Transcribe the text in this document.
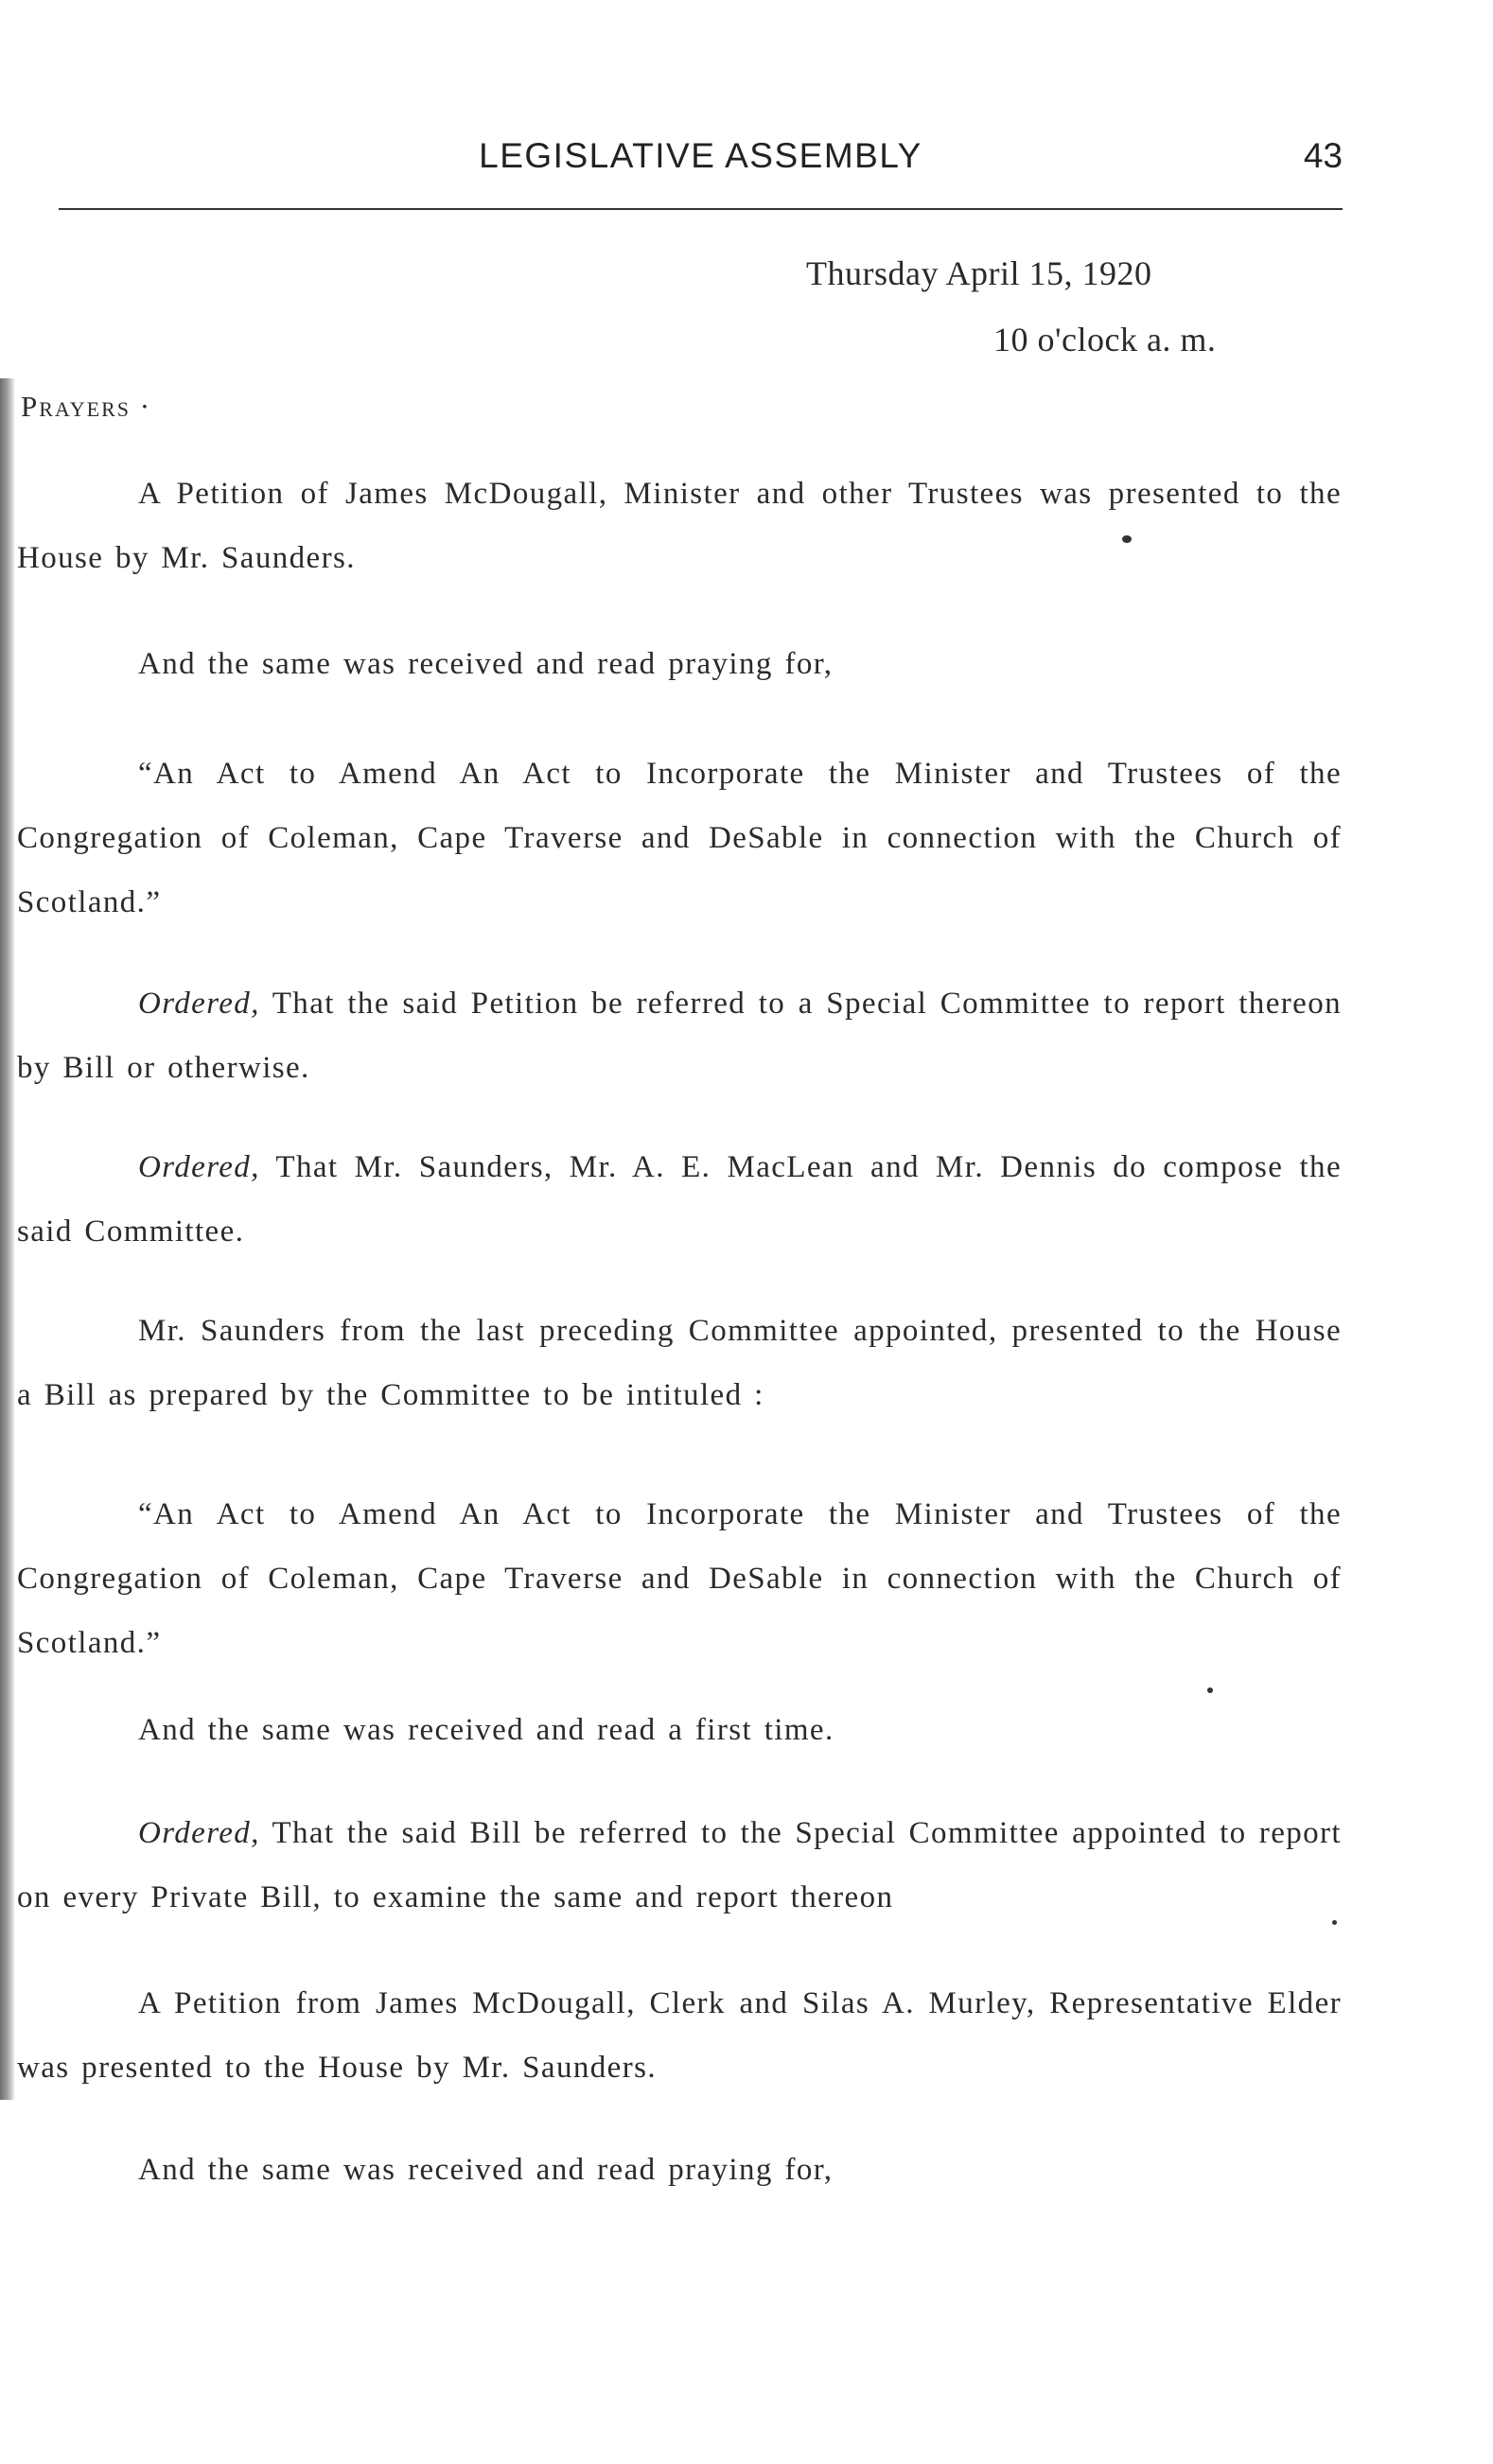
LEGISLATIVE ASSEMBLY	43
Thursday April 15, 1920
10 o'clock a. m.
Prayers ·

A Petition of James McDougall, Minister and other Trustees was presented to the House by Mr. Saunders.

And the same was received and read praying for,

“An Act to Amend An Act to Incorporate the Minister and Trustees of the Congregation of Coleman, Cape Traverse and DeSable in connection with the Church of Scotland.”

Ordered, That the said Petition be referred to a Special Committee to report thereon by Bill or otherwise.

Ordered, That Mr. Saunders, Mr. A. E. MacLean and Mr. Dennis do compose the said Committee.

Mr. Saunders from the last preceding Committee appointed, presented to the House a Bill as prepared by the Committee to be intituled :

“An Act to Amend An Act to Incorporate the Minister and Trustees of the Congregation of Coleman, Cape Traverse and DeSable in connection with the Church of Scotland.”

And the same was received and read a first time.

Ordered, That the said Bill be referred to the Special Committee appointed to report on every Private Bill, to examine the same and report thereon

A Petition from James McDougall, Clerk and Silas A. Murley, Representative Elder was presented to the House by Mr. Saunders.

And the same was received and read praying for,
